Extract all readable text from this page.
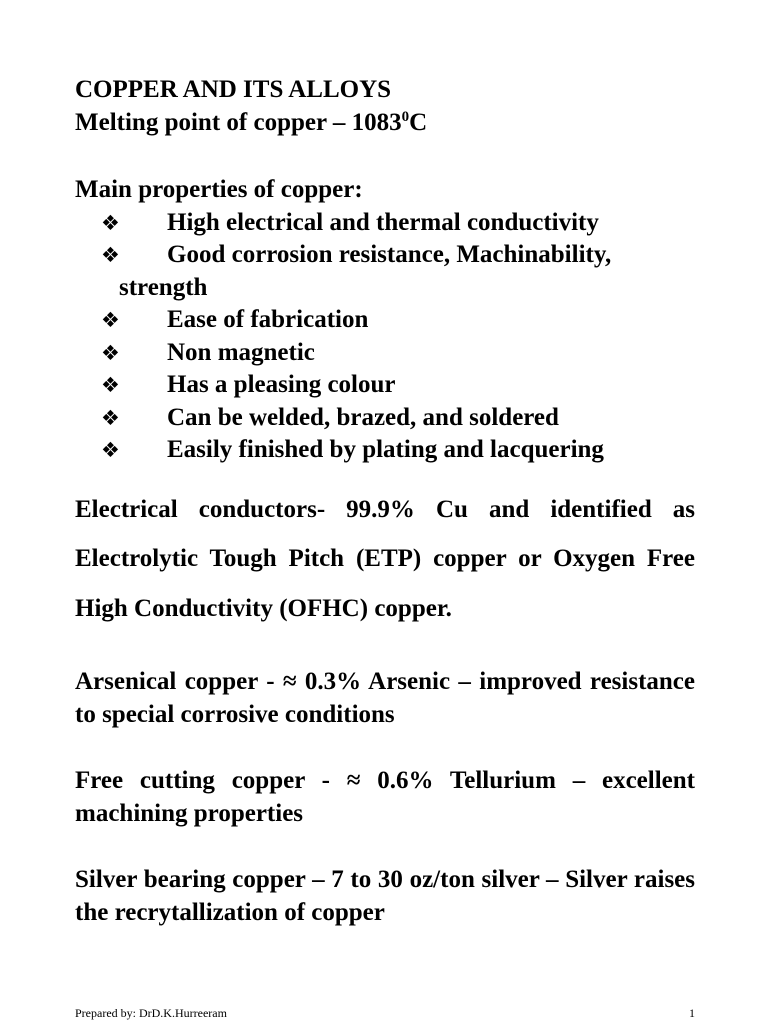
COPPER AND ITS ALLOYS
Melting point of copper – 1083$^0$C
Main properties of copper:
❖ High electrical and thermal conductivity
❖ Good corrosion resistance, Machinability,
strength
❖ Ease of fabrication
❖ Non magnetic
❖ Has a pleasing colour
❖ Can be welded, brazed, and soldered
❖ Easily finished by plating and lacquering
Electrical conductors- 99.9% Cu and identified as Electrolytic Tough Pitch (ETP) copper or Oxygen Free High Conductivity (OFHC) copper.
Arsenical copper - ≈ 0.3% Arsenic – improved resistance to special corrosive conditions
Free cutting copper - ≈ 0.6% Tellurium – excellent machining properties
Silver bearing copper – 7 to 30 oz/ton silver – Silver raises the recrytallization of copper
Prepared by: DrD.K.Hurreeram	1
